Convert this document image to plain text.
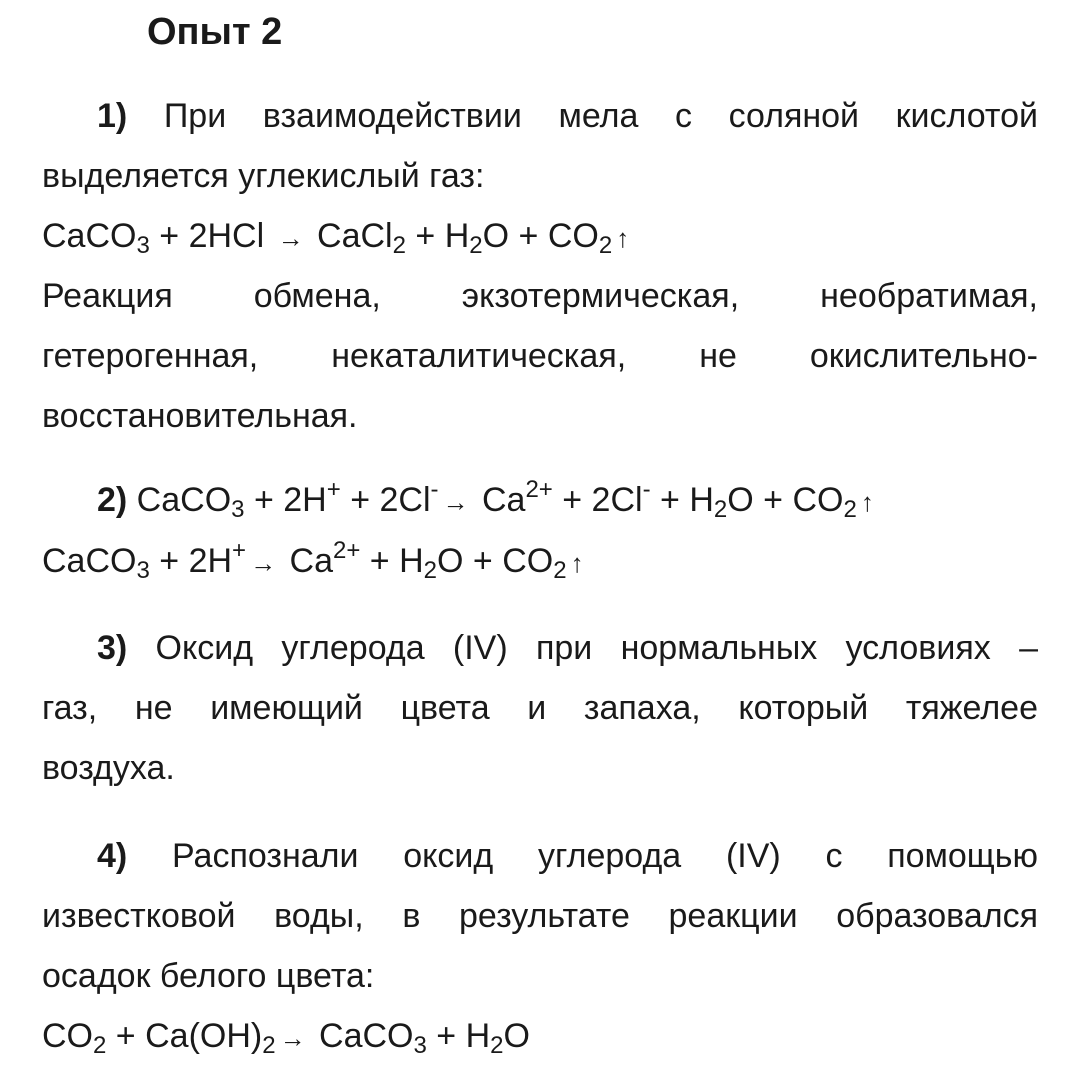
Опыт 2
1) При взаимодействии мела с соляной кислотой
выделяется углекислый газ:
CaCO$_3$ + 2HCl → CaCl$_2$ + $H_2O + CO_2$ ↑
Реакция обмена, экзотермическая, необратимая,
гетерогенная, некаталитическая, не окислительно-
восстановительная.
2) CaCO$_3$ + $2H^+ + 2Cl^- \to Ca^{2+} + 2Cl^- + H_2O + CO_2$ ↑
CaCO$_3$ + $2H^+ \to Ca^{2+} + H_2O + CO_2$ ↑
3) Оксид углерода (IV) при нормальных условиях –
газ, не имеющий цвета и запаха, который тяжелее
воздуха.
4) Распознали оксид углерода (IV) с помощью
известковой воды, в результате реакции образовался
осадок белого цвета:
$CO_2 + Ca(OH)_2$ → CaCO$_3$ + $H_2O$
